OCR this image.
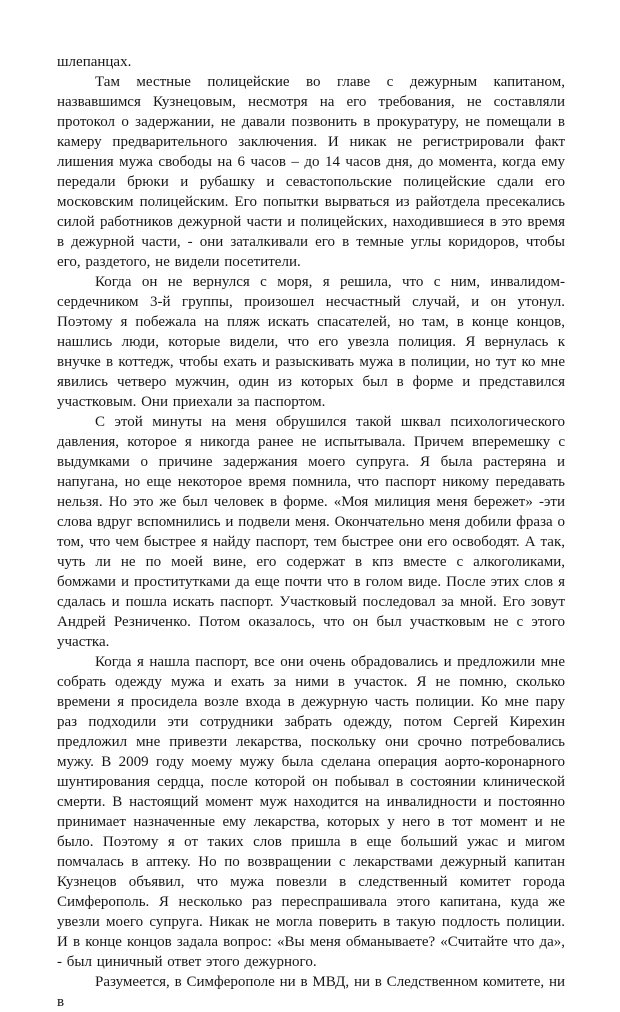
шлепанцах.

Там местные полицейские во главе с дежурным капитаном, назвавшимся Кузнецовым, несмотря на его требования, не составляли протокол о задержании, не давали позвонить в прокуратуру, не помещали в камеру предварительного заключения. И никак не регистрировали факт лишения мужа свободы на 6 часов – до 14 часов дня, до момента, когда ему передали брюки и рубашку и севастопольские полицейские сдали его московским полицейским. Его попытки вырваться из райотдела пресекались силой работников дежурной части и полицейских, находившиеся в это время в дежурной части, - они заталкивали его в темные углы коридоров, чтобы его, раздетого, не видели посетители.

Когда он не вернулся с моря, я решила, что с ним, инвалидом-сердечником 3-й группы, произошел несчастный случай, и он утонул. Поэтому я побежала на пляж искать спасателей, но там, в конце концов, нашлись люди, которые видели, что его увезла полиция. Я вернулась к внучке в коттедж, чтобы ехать и разыскивать мужа в полиции, но тут ко мне явились четверо мужчин, один из которых был в форме и представился участковым. Они приехали за паспортом.

С этой минуты на меня обрушился такой шквал психологического давления, которое я никогда ранее не испытывала. Причем вперемешку с выдумками о причине задержания моего супруга. Я была растеряна и напугана, но еще некоторое время помнила, что паспорт никому передавать нельзя. Но это же был человек в форме. «Моя милиция меня бережет» -эти слова вдруг вспомнились и подвели меня. Окончательно меня добили фраза о том, что чем быстрее я найду паспорт, тем быстрее они его освободят. А так, чуть ли не по моей вине, его содержат в кпз вместе с алкоголиками, бомжами и проститутками да еще почти что в голом виде. После этих слов я сдалась и пошла искать паспорт. Участковый последовал за мной. Его зовут Андрей Резниченко. Потом оказалось, что он был участковым не с этого участка.

Когда я нашла паспорт, все они очень обрадовались и предложили мне собрать одежду мужа и ехать за ними в участок. Я не помню, сколько времени я просидела возле входа в дежурную часть полиции. Ко мне пару раз подходили эти сотрудники забрать одежду, потом Сергей Кирехин предложил мне привезти лекарства, поскольку они срочно потребовались мужу. В 2009 году моему мужу была сделана операция аорто-коронарного шунтирования сердца, после которой он побывал в состоянии клинической смерти. В настоящий момент муж находится на инвалидности и постоянно принимает назначенные ему лекарства, которых у него в тот момент и не было. Поэтому я от таких слов пришла в еще больший ужас и мигом помчалась в аптеку. Но по возвращении с лекарствами дежурный капитан Кузнецов объявил, что мужа повезли в следственный комитет города Симферополь. Я несколько раз переспрашивала этого капитана, куда же увезли моего супруга. Никак не могла поверить в такую подлость полиции. И в конце концов задала вопрос: «Вы меня обманываете? «Считайте что да», - был циничный ответ этого дежурного.

Разумеется, в Симферополе ни в МВД, ни в Следственном комитете, ни в
